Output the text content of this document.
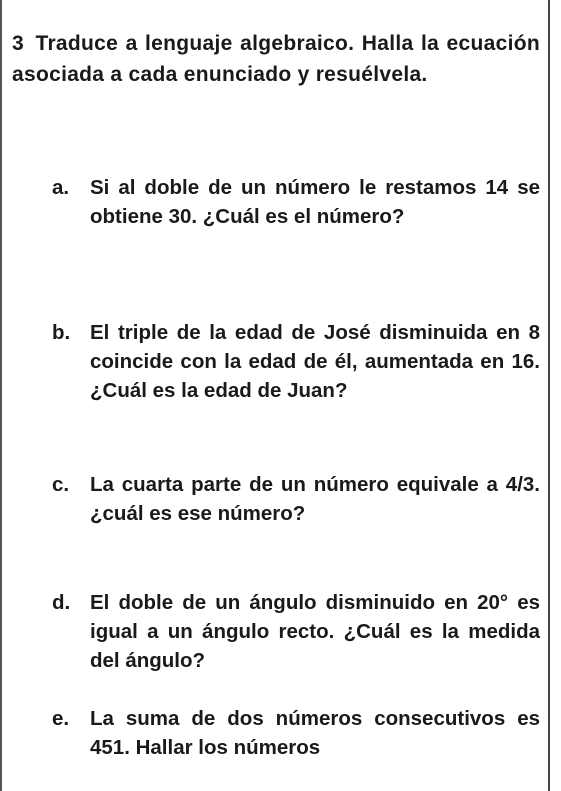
3 Traduce a lenguaje algebraico. Halla la ecuación asociada a cada enunciado y resuélvela.
a.	Si al doble de un número le restamos 14 se obtiene 30. ¿Cuál es el número?
b. El triple de la edad de José disminuida en 8 coincide con la edad de él, aumentada en 16. ¿Cuál es la edad de Juan?
c.	La cuarta parte de un número equivale a 4/3. ¿cuál es ese número?
d. El doble de un ángulo disminuido en 20° es igual a un ángulo recto. ¿Cuál es la medida del ángulo?
e.	La suma de dos números consecutivos es 451. Hallar los números
